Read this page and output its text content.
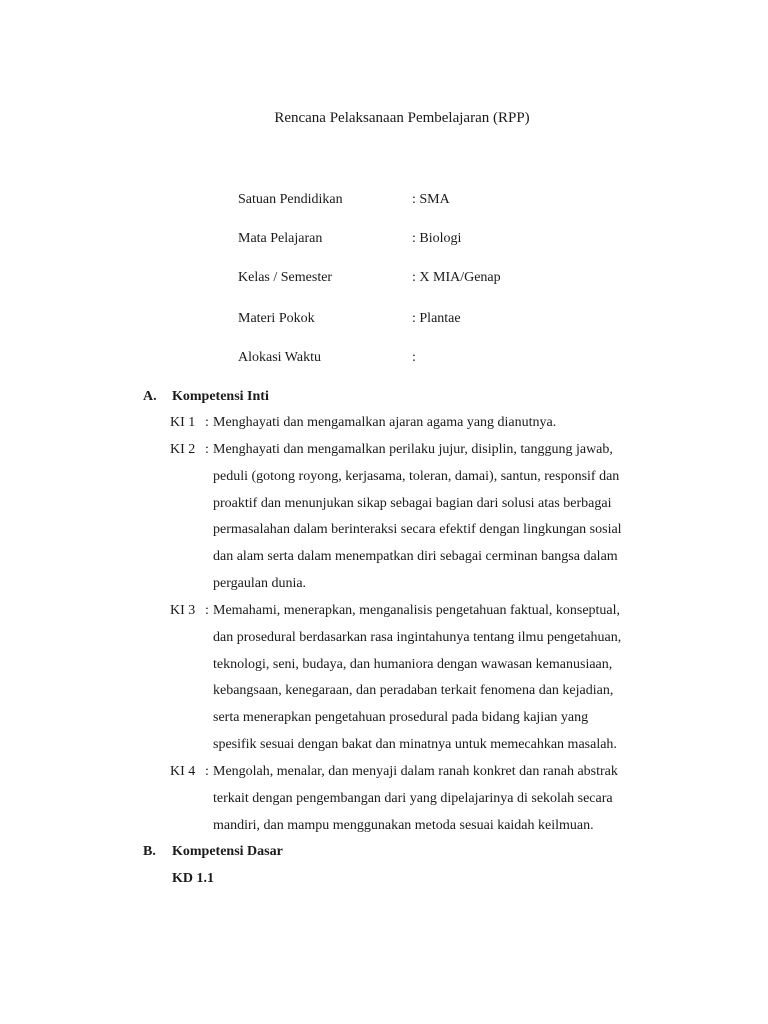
Rencana Pelaksanaan Pembelajaran (RPP)
Satuan Pendidikan	: SMA
Mata Pelajaran	: Biologi
Kelas / Semester	: X MIA/Genap
Materi Pokok	: Plantae
Alokasi Waktu	:
A. Kompetensi Inti
KI 1 : Menghayati dan mengamalkan ajaran agama yang dianutnya.
KI 2 : Menghayati dan mengamalkan perilaku jujur, disiplin, tanggung jawab,
peduli (gotong royong, kerjasama, toleran, damai), santun, responsif dan
proaktif dan menunjukan sikap sebagai bagian dari solusi atas berbagai
permasalahan dalam berinteraksi secara efektif dengan lingkungan sosial
dan alam serta dalam menempatkan diri sebagai cerminan bangsa dalam
pergaulan dunia.
KI 3 : Memahami, menerapkan, menganalisis pengetahuan faktual, konseptual,
dan prosedural berdasarkan rasa ingintahunya tentang ilmu pengetahuan,
teknologi, seni, budaya, dan humaniora dengan wawasan kemanusiaan,
kebangsaan, kenegaraan, dan peradaban terkait fenomena dan kejadian,
serta menerapkan pengetahuan prosedural pada bidang kajian yang
spesifik sesuai dengan bakat dan minatnya untuk memecahkan masalah.
KI 4 : Mengolah, menalar, dan menyaji dalam ranah konkret dan ranah abstrak
terkait dengan pengembangan dari yang dipelajarinya di sekolah secara
mandiri, dan mampu menggunakan metoda sesuai kaidah keilmuan.
B. Kompetensi Dasar
KD 1.1
